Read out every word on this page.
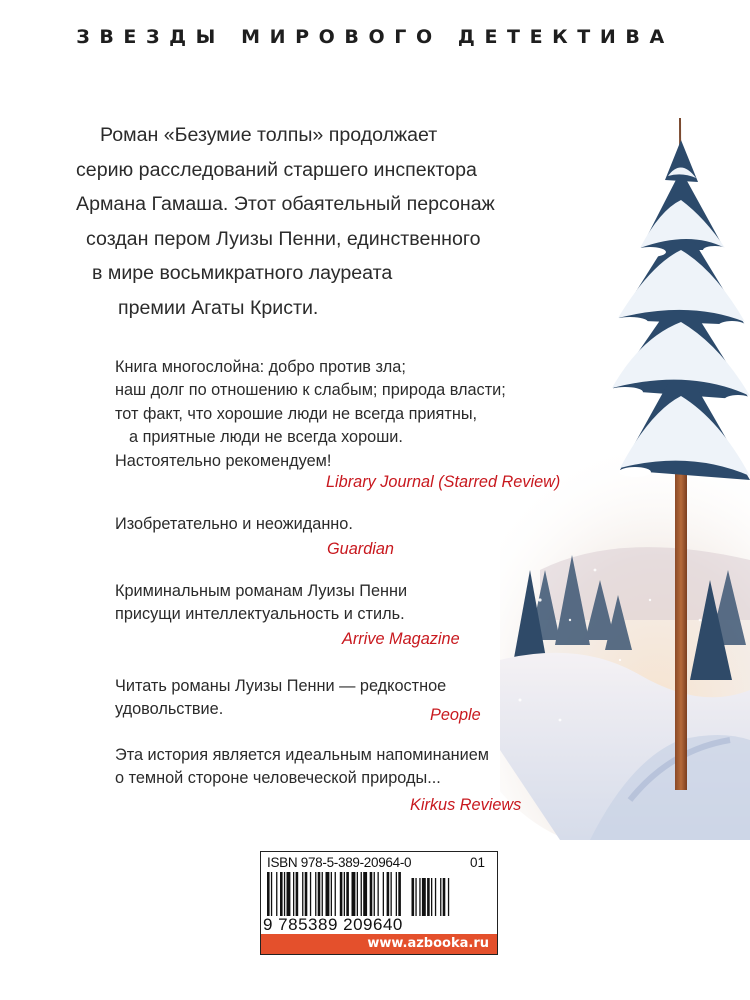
ЗВЕЗДЫ МИРОВОГО ДЕТЕКТИВА
Роман «Безумие толпы» продолжает
серию расследований старшего инспектора
Армана Гамаша. Этот обаятельный персонаж
создан пером Луизы Пенни, единственного
в мире восьмикратного лауреата
премии Агаты Кристи.
Книга многослойна: добро против зла;
наш долг по отношению к слабым; природа власти;
тот факт, что хорошие люди не всегда приятны,
а приятные люди не всегда хороши.
Настоятельно рекомендуем!
Library Journal (Starred Review)
Изобретательно и неожиданно.
Guardian
Криминальным романам Луизы Пенни
присущи интеллектуальность и стиль.
Arrive Magazine
Читать романы Луизы Пенни — редкостное
удовольствие.	People
Эта история является идеальным напоминанием
о темной стороне человеческой природы...
Kirkus Reviews
ISBN 978-5-389-20964-0	01
9 785389 209640
www.azbooka.ru
